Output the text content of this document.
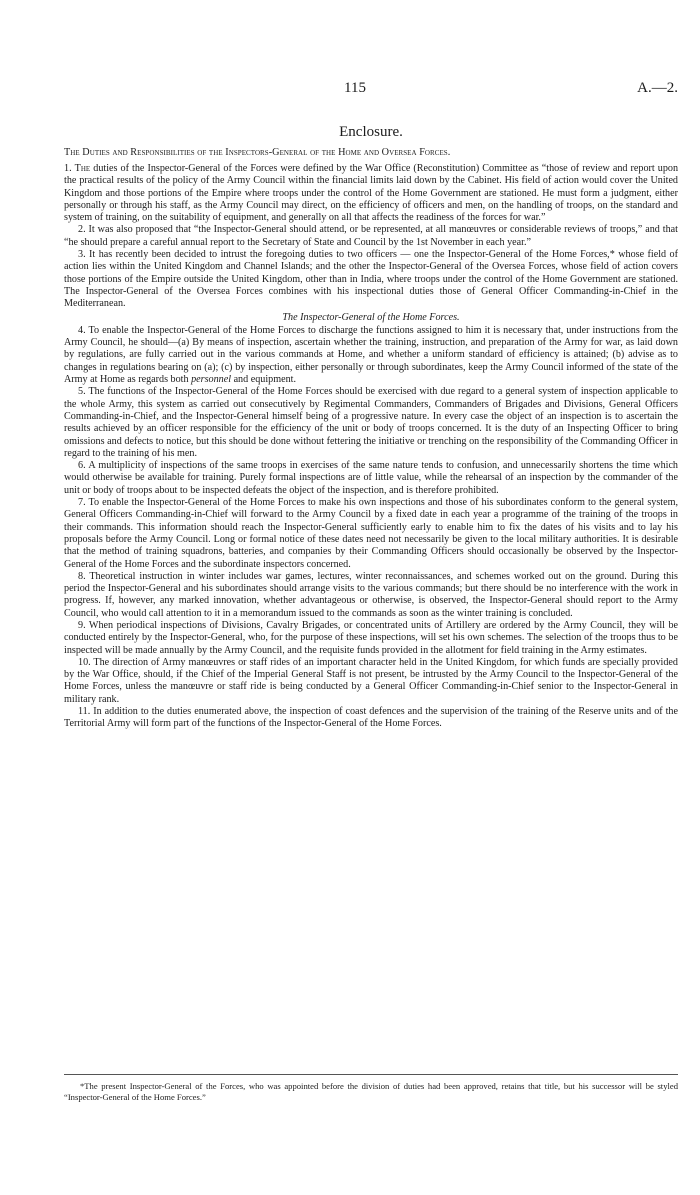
115	A.—2.
Enclosure.
The Duties and Responsibilities of the Inspectors-General of the Home and Oversea Forces.

1. The duties of the Inspector-General of the Forces were defined by the War Office (Reconstitution) Committee as “those of review and report upon the practical results of the policy of the Army Council within the financial limits laid down by the Cabinet. His field of action would cover the United Kingdom and those portions of the Empire where troops under the control of the Home Government are stationed. He must form a judgment, either personally or through his staff, as the Army Council may direct, on the efficiency of officers and men, on the handling of troops, on the standard and system of training, on the suitability of equipment, and generally on all that affects the readiness of the forces for war.”

2. It was also proposed that “the Inspector-General should attend, or be represented, at all manœuvres or considerable reviews of troops,” and that “he should prepare a careful annual report to the Secretary of State and Council by the 1st November in each year.”

3. It has recently been decided to intrust the foregoing duties to two officers — one the Inspector-General of the Home Forces,* whose field of action lies within the United Kingdom and Channel Islands; and the other the Inspector-General of the Oversea Forces, whose field of action covers those portions of the Empire outside the United Kingdom, other than in India, where troops under the control of the Home Government are stationed. The Inspector-General of the Oversea Forces combines with his inspectional duties those of General Officer Commanding-in-Chief in the Mediterranean.

The Inspector-General of the Home Forces.

4. To enable the Inspector-General of the Home Forces to discharge the functions assigned to him it is necessary that, under instructions from the Army Council, he should—(a) By means of inspection, ascertain whether the training, instruction, and preparation of the Army for war, as laid down by regulations, are fully carried out in the various commands at Home, and whether a uniform standard of efficiency is attained; (b) advise as to changes in regulations bearing on (a); (c) by inspection, either personally or through subordinates, keep the Army Council informed of the state of the Army at Home as regards both personnel and equipment.

5. The functions of the Inspector-General of the Home Forces should be exercised with due regard to a general system of inspection applicable to the whole Army, this system as carried out consecutively by Regimental Commanders, Commanders of Brigades and Divisions, General Officers Commanding-in-Chief, and the Inspector-General himself being of a progressive nature. In every case the object of an inspection is to ascertain the results achieved by an officer responsible for the efficiency of the unit or body of troops concerned. It is the duty of an Inspecting Officer to bring omissions and defects to notice, but this should be done without fettering the initiative or trenching on the responsibility of the Commanding Officer in regard to the training of his men.

6. A multiplicity of inspections of the same troops in exercises of the same nature tends to confusion, and unnecessarily shortens the time which would otherwise be available for training. Purely formal inspections are of little value, while the rehearsal of an inspection by the commander of the unit or body of troops about to be inspected defeats the object of the inspection, and is therefore prohibited.

7. To enable the Inspector-General of the Home Forces to make his own inspections and those of his subordinates conform to the general system, General Officers Commanding-in-Chief will forward to the Army Council by a fixed date in each year a programme of the training of the troops in their commands. This information should reach the Inspector-General sufficiently early to enable him to fix the dates of his visits and to lay his proposals before the Army Council. Long or formal notice of these dates need not necessarily be given to the local military authorities. It is desirable that the method of training squadrons, batteries, and companies by their Commanding Officers should occasionally be observed by the Inspector-General of the Home Forces and the subordinate inspectors concerned.

8. Theoretical instruction in winter includes war games, lectures, winter reconnaissances, and schemes worked out on the ground. During this period the Inspector-General and his subordinates should arrange visits to the various commands; but there should be no interference with the work in progress. If, however, any marked innovation, whether advantageous or otherwise, is observed, the Inspector-General should report to the Army Council, who would call attention to it in a memorandum issued to the commands as soon as the winter training is concluded.

9. When periodical inspections of Divisions, Cavalry Brigades, or concentrated units of Artillery are ordered by the Army Council, they will be conducted entirely by the Inspector-General, who, for the purpose of these inspections, will set his own schemes. The selection of the troops thus to be inspected will be made annually by the Army Council, and the requisite funds provided in the allotment for field training in the Army estimates.

10. The direction of Army manœuvres or staff rides of an important character held in the United Kingdom, for which funds are specially provided by the War Office, should, if the Chief of the Imperial General Staff is not present, be intrusted by the Army Council to the Inspector-General of the Home Forces, unless the manœuvre or staff ride is being conducted by a General Officer Commanding-in-Chief senior to the Inspector-General in military rank.

11. In addition to the duties enumerated above, the inspection of coast defences and the supervision of the training of the Reserve units and of the Territorial Army will form part of the functions of the Inspector-General of the Home Forces.

*The present Inspector-General of the Forces, who was appointed before the division of duties had been approved, retains that title, but his successor will be styled “Inspector-General of the Home Forces.”
